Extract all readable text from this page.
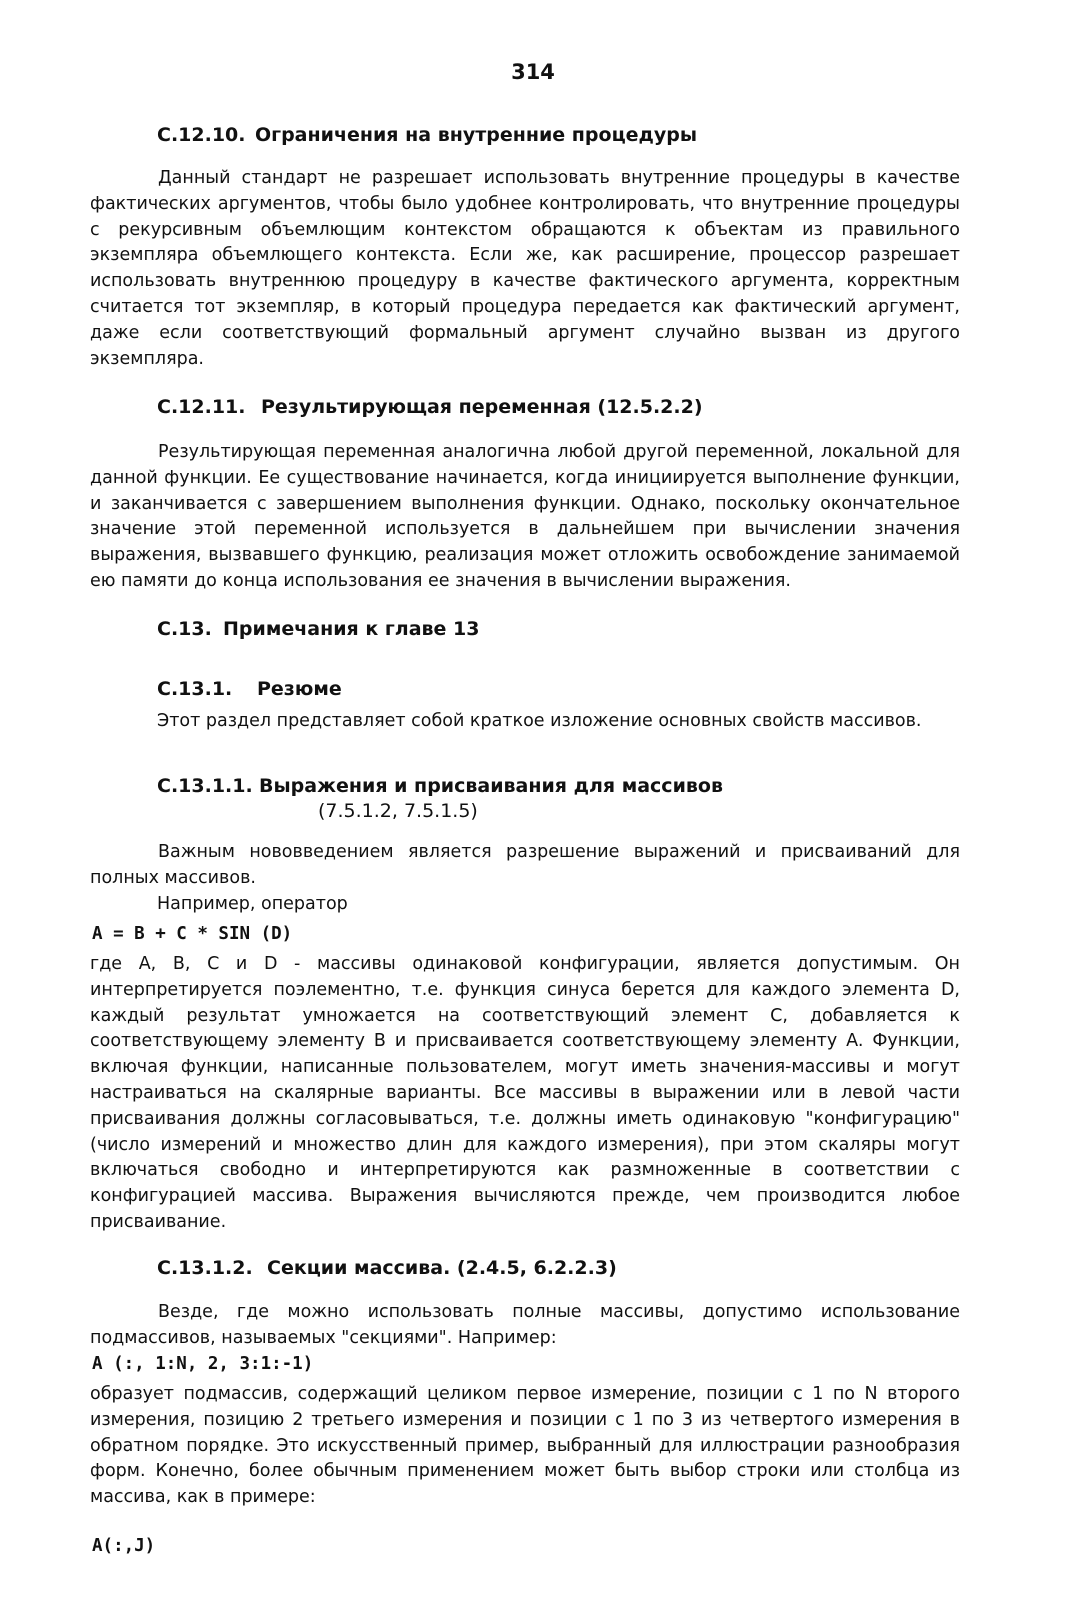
314
C.12.10. Ограничения на внутренние процедуры

Данный стандарт не разрешает использовать внутренние процедуры в качестве фактических аргументов, чтобы было удобнее контролировать, что внутренние процедуры с рекурсивным объемлющим контекстом обращаются к объектам из правильного экземпляра объемлющего контекста. Если же, как расширение, процессор разрешает использовать внутреннюю процедуру в качестве фактического аргумента, корректным считается тот экземпляр, в который процедура передается как фактический аргумент, даже если соответствующий формальный аргумент случайно вызван из другого экземпляра.

C.12.11. Результирующая переменная (12.5.2.2)

Результирующая переменная аналогична любой другой переменной, локальной для данной функции. Ее существование начинается, когда инициируется выполнение функции, и заканчивается с завершением выполнения функции. Однако, поскольку окончательное значение этой переменной используется в дальнейшем при вычислении значения выражения, вызвавшего функцию, реализация может отложить освобождение занимаемой ею памяти до конца использования ее значения в вычислении выражения.

C.13. Примечания к главе 13
C.13.1. Резюме

Этот раздел представляет собой краткое изложение основных свойств массивов.

C.13.1.1. Выражения и присваивания для массивов
(7.5.1.2, 7.5.1.5)

Важным нововведением является разрешение выражений и присваиваний для полных массивов.

Например, оператор
A = B + C * SIN (D)

где A, B, C и D - массивы одинаковой конфигурации, является допустимым. Он интерпретируется поэлементно, т.е. функция синуса берется для каждого элемента D, каждый результат умножается на соответствующий элемент C, добавляется к соответствующему элементу B и присваивается соответствующему элементу A. Функции, включая функции, написанные пользователем, могут иметь значения-массивы и могут настраиваться на скалярные варианты. Все массивы в выражении или в левой части присваивания должны согласовываться, т.е. должны иметь одинаковую "конфигурацию" (число измерений и множество длин для каждого измерения), при этом скаляры могут включаться свободно и интерпретируются как размноженные в соответствии с конфигурацией массива. Выражения вычисляются прежде, чем производится любое присваивание.

C.13.1.2. Секции массива. (2.4.5, 6.2.2.3)

Везде, где можно использовать полные массивы, допустимо использование подмассивов, называемых "секциями". Например:

A (:, 1:N, 2, 3:1:-1)

образует подмассив, содержащий целиком первое измерение, позиции с 1 по N второго измерения, позицию 2 третьего измерения и позиции с 1 по 3 из четвертого измерения в обратном порядке. Это искусственный пример, выбранный для иллюстрации разнообразия форм. Конечно, более обычным применением может быть выбор строки или столбца из массива, как в примере:

A(:,J)
